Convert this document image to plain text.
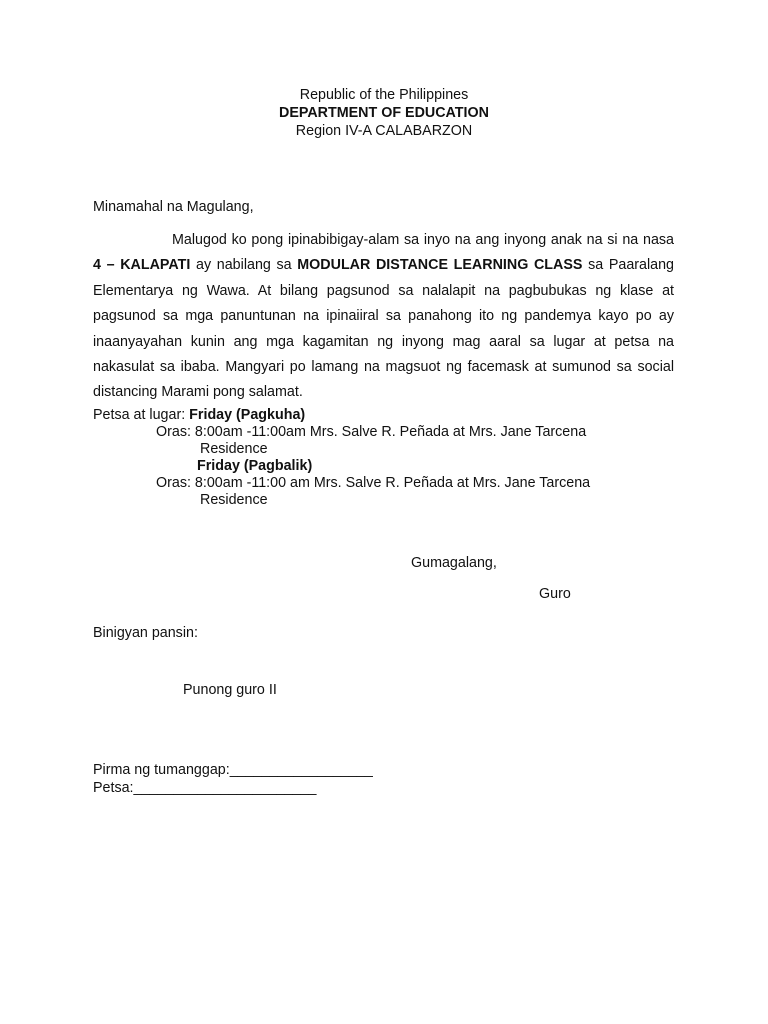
Republic of the Philippines
DEPARTMENT OF EDUCATION
Region IV-A CALABARZON
Minamahal na Magulang,
Malugod ko pong ipinabibigay-alam sa inyo na ang inyong anak na si na nasa 4 – KALAPATI ay nabilang sa MODULAR DISTANCE LEARNING CLASS sa Paaralang Elementarya ng Wawa. At bilang pagsunod sa nalalapit na pagbubukas ng klase at pagsunod sa mga panuntunan na ipinaiiral sa panahong ito ng pandemya kayo po ay inaanyayahan kunin ang mga kagamitan ng inyong mag aaral sa lugar at petsa na nakasulat sa ibaba. Mangyari po lamang na magsuot ng facemask at sumunod sa social distancing Marami pong salamat.
Petsa at lugar: Friday (Pagkuha)
Oras: 8:00am -11:00am Mrs. Salve R. Peñada at Mrs. Jane Tarcena
Residence
Friday (Pagbalik)
Oras: 8:00am -11:00 am Mrs. Salve R. Peñada at Mrs. Jane Tarcena
Residence
Gumagalang,
Guro
Binigyan pansin:
Punong guro II
Pirma ng tumanggap:__________________
Petsa:_______________________
